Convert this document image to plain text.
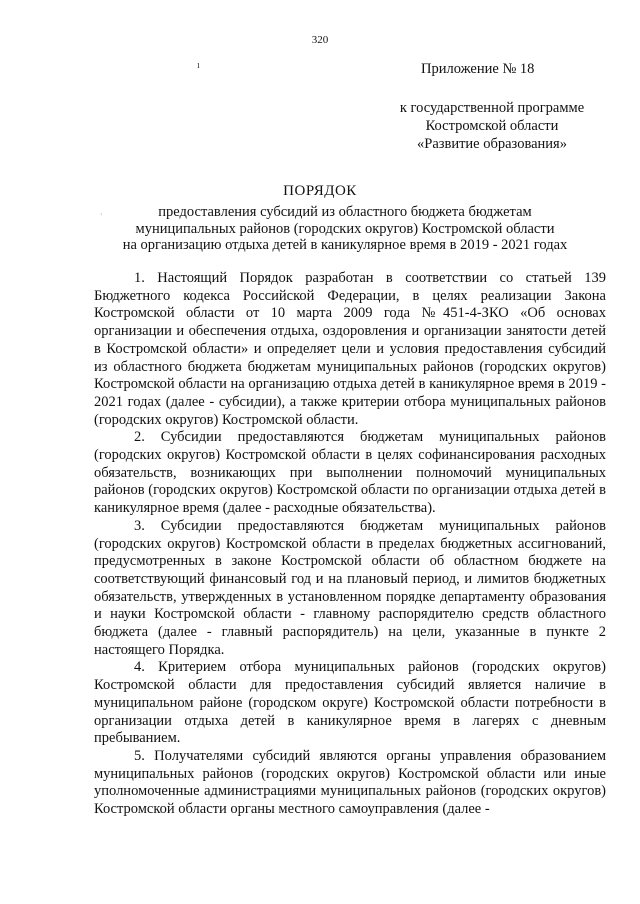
320
ı
·
Приложение № 18
к государственной программе
Костромской области
«Развитие образования»
ПОРЯДОК
предоставления субсидий из областного бюджета бюджетам
муниципальных районов (городских округов) Костромской области
на организацию отдыха детей в каникулярное время в 2019 - 2021 годах

1. Настоящий Порядок разработан в соответствии со статьей 139 Бюджетного кодекса Российской Федерации, в целях реализации Закона Костромской области от 10 марта 2009 года №451-4-ЗКО «Об основах организации и обеспечения отдыха, оздоровления и организации занятости детей в Костромской области» и определяет цели и условия предоставления субсидий из областного бюджета бюджетам муниципальных районов (городских округов) Костромской области на организацию отдыха детей в каникулярное время в 2019 - 2021 годах (далее - субсидии), а также критерии отбора муниципальных районов (городских округов) Костромской области.

2. Субсидии предоставляются бюджетам муниципальных районов (городских округов) Костромской области в целях софинансирования расходных обязательств, возникающих при выполнении полномочий муниципальных районов (городских округов) Костромской области по организации отдыха детей в каникулярное время (далее - расходные обязательства).

3. Субсидии предоставляются бюджетам муниципальных районов (городских округов) Костромской области в пределах бюджетных ассигнований, предусмотренных в законе Костромской области об областном бюджете на соответствующий финансовый год и на плановый период, и лимитов бюджетных обязательств, утвержденных в установленном порядке департаменту образования и науки Костромской области - главному распорядителю средств областного бюджета (далее - главный распорядитель) на цели, указанные в пункте 2 настоящего Порядка.

4. Критерием отбора муниципальных районов (городских округов) Костромской области для предоставления субсидий является наличие в муниципальном районе (городском округе) Костромской области потребности в организации отдыха детей в каникулярное время в лагерях с дневным пребыванием.

5. Получателями субсидий являются органы управления образованием муниципальных районов (городских округов) Костромской области или иные уполномоченные администрациями муниципальных районов (городских округов) Костромской области органы местного самоуправления (далее -
